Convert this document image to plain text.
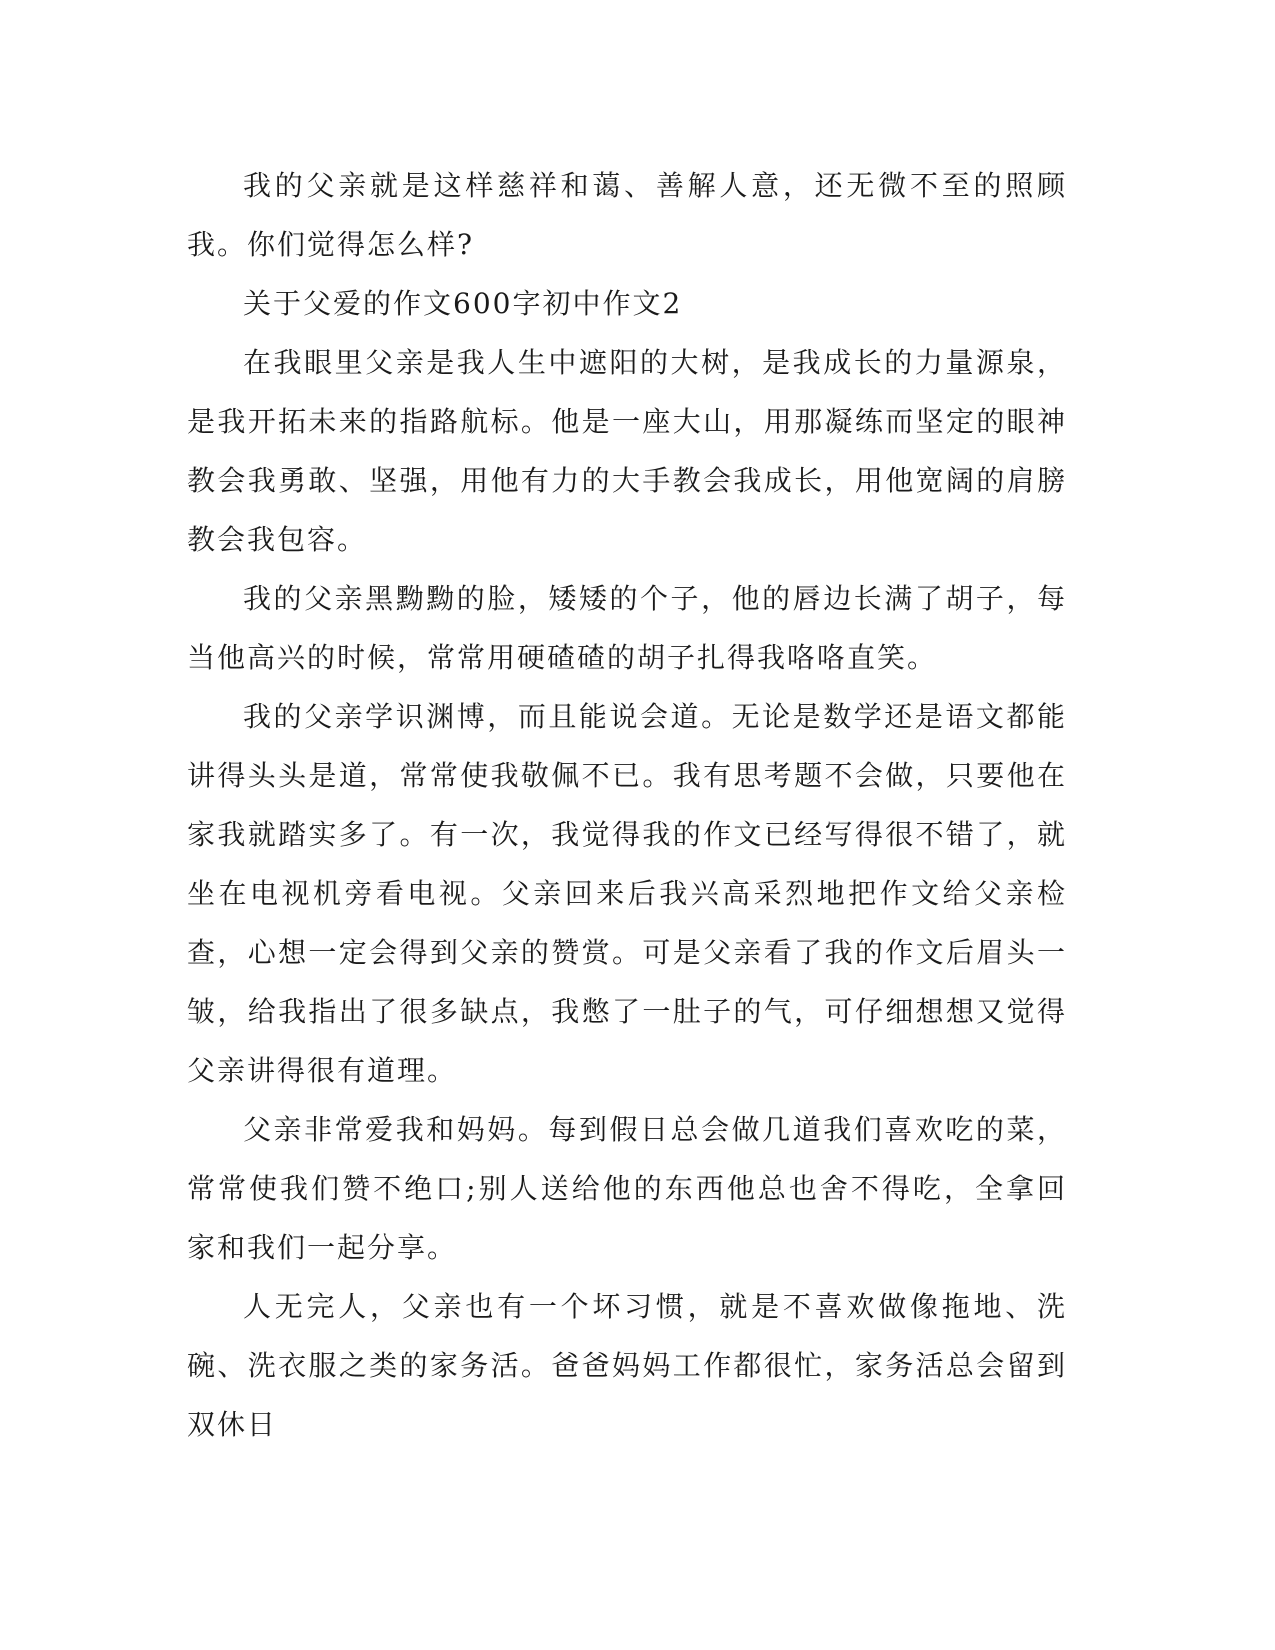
我的父亲就是这样慈祥和蔼、善解人意，还无微不至的照顾我。你们觉得怎么样?

关于父爱的作文600字初中作文2

在我眼里父亲是我人生中遮阳的大树，是我成长的力量源泉，是我开拓未来的指路航标。他是一座大山，用那凝练而坚定的眼神教会我勇敢、坚强，用他有力的大手教会我成长，用他宽阔的肩膀教会我包容。

我的父亲黑黝黝的脸，矮矮的个子，他的唇边长满了胡子，每当他高兴的时候，常常用硬碴碴的胡子扎得我咯咯直笑。

我的父亲学识渊博，而且能说会道。无论是数学还是语文都能讲得头头是道，常常使我敬佩不已。我有思考题不会做，只要他在家我就踏实多了。有一次，我觉得我的作文已经写得很不错了，就坐在电视机旁看电视。父亲回来后我兴高采烈地把作文给父亲检查，心想一定会得到父亲的赞赏。可是父亲看了我的作文后眉头一皱，给我指出了很多缺点，我憋了一肚子的气，可仔细想想又觉得父亲讲得很有道理。

父亲非常爱我和妈妈。每到假日总会做几道我们喜欢吃的菜，常常使我们赞不绝口;别人送给他的东西他总也舍不得吃，全拿回家和我们一起分享。

人无完人，父亲也有一个坏习惯，就是不喜欢做像拖地、洗碗、洗衣服之类的家务活。爸爸妈妈工作都很忙，家务活总会留到双休日
